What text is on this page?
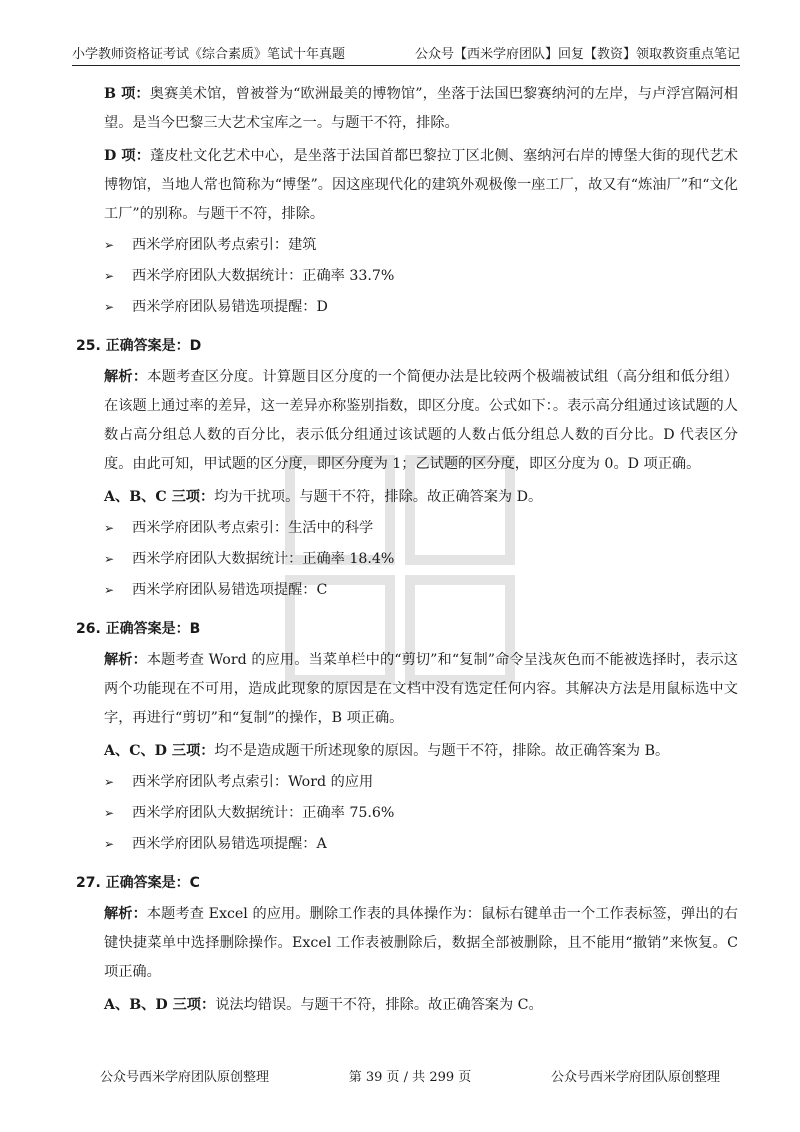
小学教师资格证考试《综合素质》笔试十年真题	公众号【西米学府团队】回复【教资】领取教资重点笔记

B 项：奥赛美术馆，曾被誉为“欧洲最美的博物馆”，坐落于法国巴黎赛纳河的左岸，与卢浮宫隔河相望。是当今巴黎三大艺术宝库之一。与题干不符，排除。

D 项：蓬皮杜文化艺术中心，是坐落于法国首都巴黎拉丁区北侧、塞纳河右岸的博堡大街的现代艺术博物馆，当地人常也简称为“博堡”。因这座现代化的建筑外观极像一座工厂，故又有“炼油厂”和“文化工厂”的别称。与题干不符，排除。

➢ 西米学府团队考点索引：建筑
➢ 西米学府团队大数据统计：正确率 33.7%
➢ 西米学府团队易错选项提醒：D
25. 正确答案是：D

解析：本题考查区分度。计算题目区分度的一个简便办法是比较两个极端被试组（高分组和低分组）在该题上通过率的差异，这一差异亦称鉴别指数，即区分度。公式如下：。表示高分组通过该试题的人数占高分组总人数的百分比，表示低分组通过该试题的人数占低分组总人数的百分比。D 代表区分度。由此可知，甲试题的区分度，即区分度为 1；乙试题的区分度，即区分度为 0。D 项正确。

A、B、C 三项：均为干扰项。与题干不符，排除。故正确答案为 D。

➢ 西米学府团队考点索引：生活中的科学
➢ 西米学府团队大数据统计：正确率 18.4%
➢ 西米学府团队易错选项提醒：C
26. 正确答案是：B

解析：本题考查 Word 的应用。当菜单栏中的“剪切”和“复制”命令呈浅灰色而不能被选择时，表示这两个功能现在不可用，造成此现象的原因是在文档中没有选定任何内容。其解决方法是用鼠标选中文字，再进行“剪切”和“复制”的操作，B 项正确。

A、C、D 三项：均不是造成题干所述现象的原因。与题干不符，排除。故正确答案为 B。

➢ 西米学府团队考点索引：Word 的应用
➢ 西米学府团队大数据统计：正确率 75.6%
➢ 西米学府团队易错选项提醒：A
27. 正确答案是：C

解析：本题考查 Excel 的应用。删除工作表的具体操作为：鼠标右键单击一个工作表标签，弹出的右键快捷菜单中选择删除操作。Excel 工作表被删除后，数据全部被删除，且不能用“撤销”来恢复。C 项正确。

A、B、D 三项：说法均错误。与题干不符，排除。故正确答案为 C。

公众号西米学府团队原创整理	第 39 页 / 共 299 页	公众号西米学府团队原创整理
